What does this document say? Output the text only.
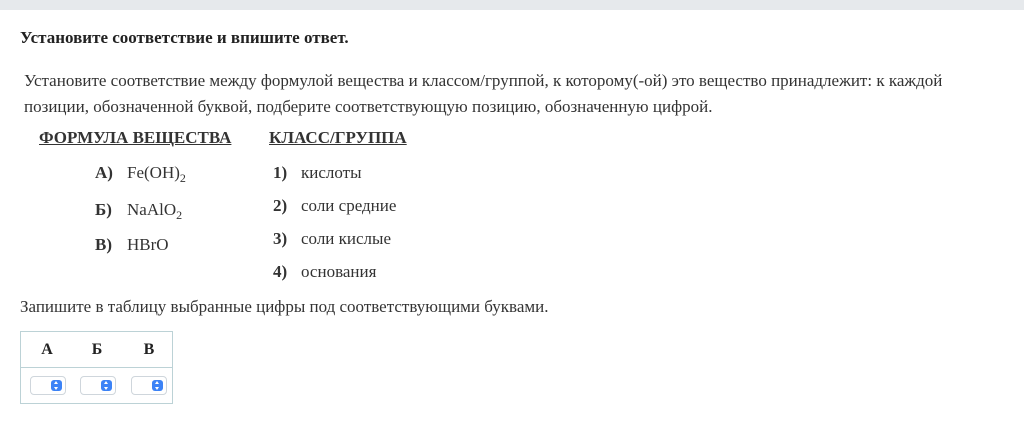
Установите соответствие и впишите ответ.
Установите соответствие между формулой вещества и классом/группой, к которому(-ой) это вещество принадлежит: к каждой позиции, обозначенной буквой, подберите соответствующую позицию, обозначенную цифрой.
ФОРМУЛА ВЕЩЕСТВА КЛАСС/ГРУППА
А) $Fe(OH)_2$
Б) NaAlO$_2$
В) HBrO
1) кислоты
2) соли средние
3) соли кислые
4) основания
Запишите в таблицу выбранные цифры под соответствующими буквами.
А	Б	В
